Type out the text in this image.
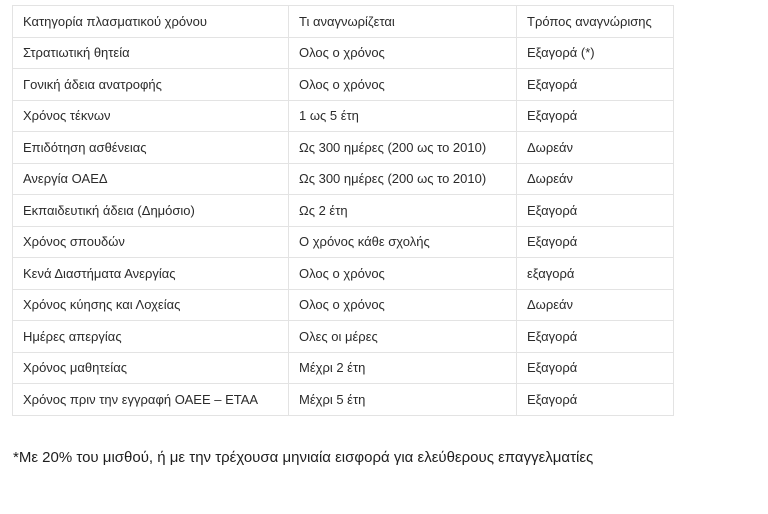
Κατηγορία πλασματικού χρόνου	Τι αναγνωρίζεται	Τρόπος αναγνώρισης
Στρατιωτική θητεία	Ολος ο χρόνος	Εξαγορά (*)
Γονική άδεια ανατροφής	Ολος ο χρόνος	Εξαγορά
Χρόνος τέκνων	1 ως 5 έτη	Εξαγορά
Επιδότηση ασθένειας	Ως 300 ημέρες (200 ως το 2010)	Δωρεάν
Ανεργία ΟΑΕΔ	Ως 300 ημέρες (200 ως το 2010)	Δωρεάν
Εκπαιδευτική άδεια (Δημόσιο)	Ως 2 έτη	Εξαγορά
Χρόνος σπουδών	Ο χρόνος κάθε σχολής	Εξαγορά
Κενά Διαστήματα Ανεργίας	Ολος ο χρόνος	εξαγορά
Χρόνος κύησης και Λοχείας	Ολος ο χρόνος	Δωρεάν
Ημέρες απεργίας	Ολες οι μέρες	Εξαγορά
Χρόνος μαθητείας	Μέχρι 2 έτη	Εξαγορά
Χρόνος πριν την εγγραφή ΟΑΕΕ – ΕΤΑΑ	Μέχρι 5 έτη	Εξαγορά
*Με 20% του μισθού, ή με την τρέχουσα μηνιαία εισφορά για ελεύθερους επαγγελματίες
